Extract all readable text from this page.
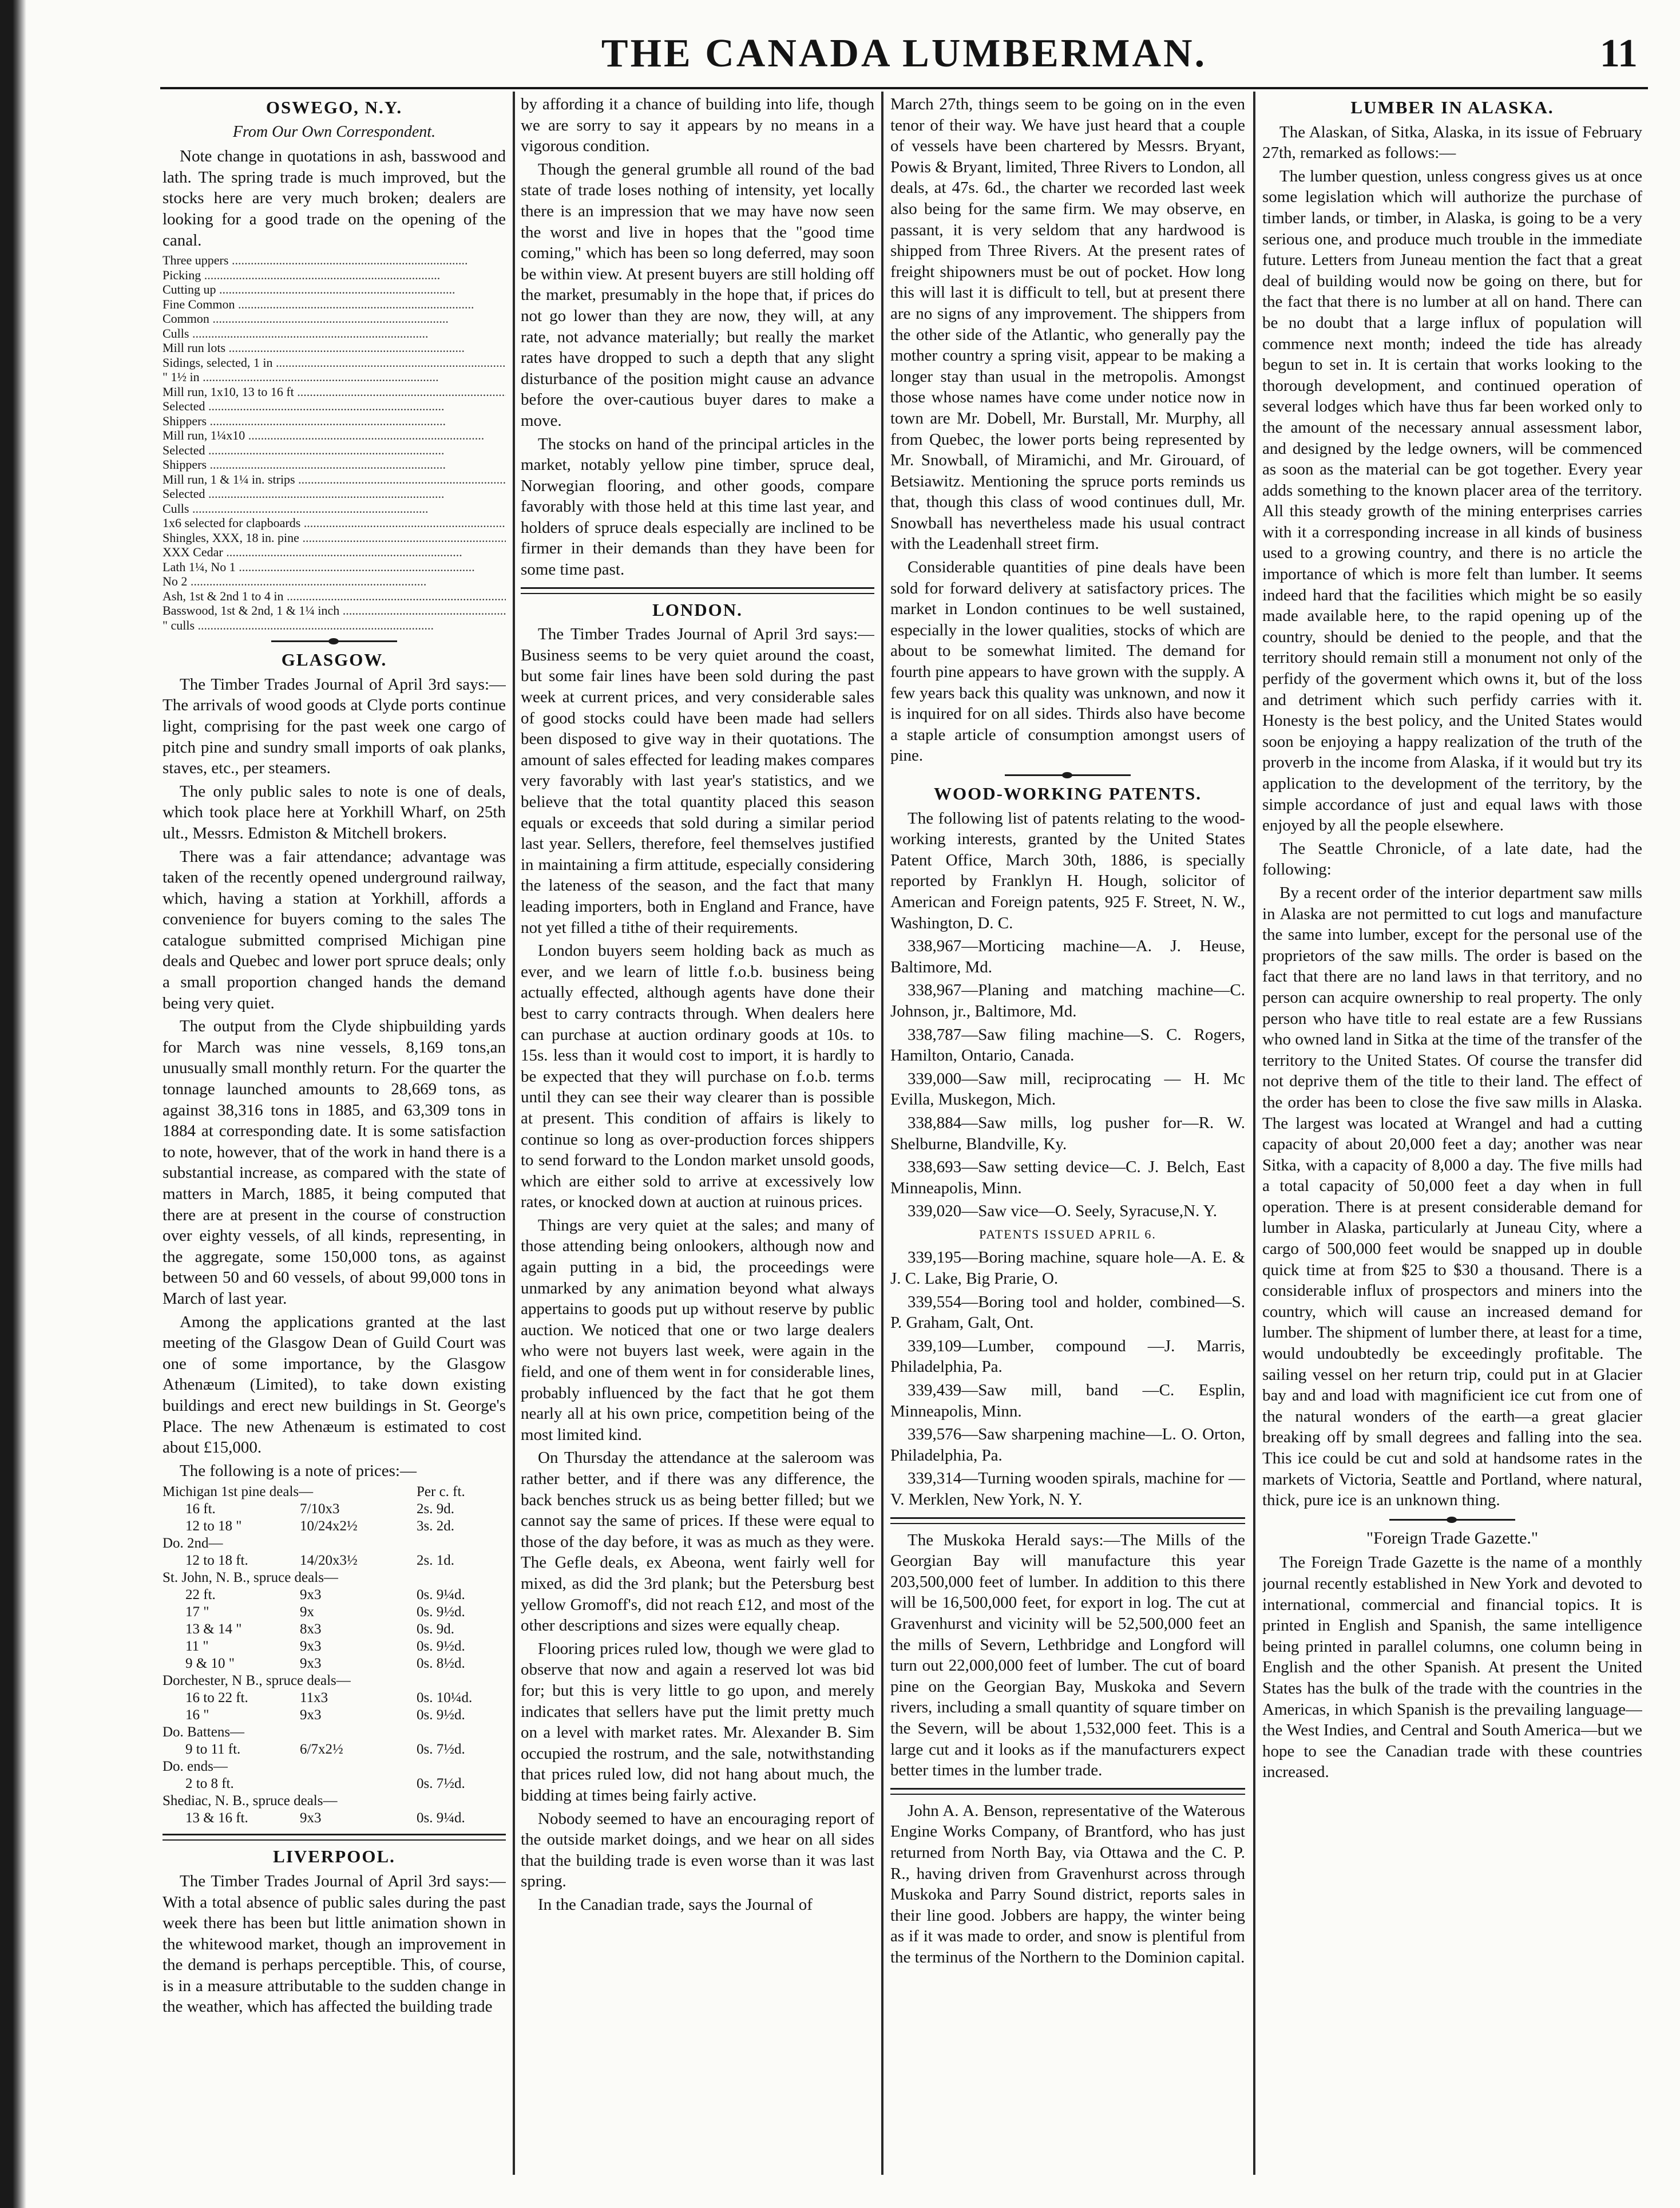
THE CANADA LUMBERMAN.	11
OSWEGO, N.Y.
From Our Own Correspondent.

Note change in quotations in ash, basswood and lath. The spring trade is much improved, but the stocks here are very much broken; dealers are looking for a good trade on the opening of the canal.

Three uppers .....	
Picking .....	
Cutting up .....	
Fine Common .....	
Common .....	
Culls .....	
Mill run lots .....	
Sidings, selected, 1 in .....	
" 1½ in .....	
Mill run, 1x10, 13 to 16 ft .....	
Selected .....	
Shippers .....	
Mill run, 1¼x10 .....	
Selected .....	
Shippers .....	
Mill run, 1 & 1¼ in. strips .....	
Selected .....	
Culls .....	
1x6 selected for clapboards .....	
Shingles, XXX, 18 in. pine .....	
XXX Cedar .....	
Lath 1¼, No 1 .....	
No 2 .....	
Ash, 1st & 2nd 1 to 4 in .....	
Basswood, 1st & 2nd, 1 & 1¼ inch .....	
" culls .....	
GLASGOW.

The Timber Trades Journal of April 3rd says:—The arrivals of wood goods at Clyde ports continue light, comprising for the past week one cargo of pitch pine and sundry small imports of oak planks, staves, etc., per steamers.

The only public sales to note is one of deals, which took place here at Yorkhill Wharf, on 25th ult., Messrs. Edmiston & Mitchell brokers.

There was a fair attendance; advantage was taken of the recently opened underground railway, which, having a station at Yorkhill, affords a convenience for buyers coming to the sales The catalogue submitted comprised Michigan pine deals and Quebec and lower port spruce deals; only a small proportion changed hands the demand being very quiet.

The output from the Clyde shipbuilding yards for March was nine vessels, 8,169 tons,an unusually small monthly return. For the quarter the tonnage launched amounts to 28,669 tons, as against 38,316 tons in 1885, and 63,309 tons in 1884 at corresponding date. It is some satisfaction to note, however, that of the work in hand there is a substantial increase, as compared with the state of matters in March, 1885, it being computed that there are at present in the course of construction over eighty vessels, of all kinds, representing, in the aggregate, some 150,000 tons, as against between 50 and 60 vessels, of about 99,000 tons in March of last year.

Among the applications granted at the last meeting of the Glasgow Dean of Guild Court was one of some importance, by the Glasgow Athenæum (Limited), to take down existing buildings and erect new buildings in St. George's Place. The new Athenæum is estimated to cost about £15,000.

The following is a note of prices:—

Michigan 1st pine deals—		Per c. ft.
16 ft.	7/10x3	2s. 9d.
12 to 18 "	10/24x2½	3s. 2d.
Do. 2nd—		
12 to 18 ft.	14/20x3½	2s. 1d.
St. John, N. B., spruce deals—		
22 ft.	9x3	0s. 9¼d.
17 "	9x	0s. 9½d.
13 & 14 "	8x3	0s. 9d.
11 "	9x3	0s. 9½d.
9 & 10 "	9x3	0s. 8½d.
Dorchester, N B., spruce deals—		
16 to 22 ft.	11x3	0s. 10¼d.
16 "	9x3	0s. 9½d.
Do. Battens—		
9 to 11 ft.	6/7x2½	0s. 7½d.
Do. ends—		
2 to 8 ft.		0s. 7½d.
Shediac, N. B., spruce deals—		
13 & 16 ft.	9x3	0s. 9¼d.
LIVERPOOL.

The Timber Trades Journal of April 3rd says:—With a total absence of public sales during the past week there has been but little animation shown in the whitewood market, though an improvement in the demand is perhaps perceptible. This, of course, is in a measure attributable to the sudden change in the weather, which has affected the building trade

by affording it a chance of building into life, though we are sorry to say it appears by no means in a vigorous condition.

Though the general grumble all round of the bad state of trade loses nothing of intensity, yet locally there is an impression that we may have now seen the worst and live in hopes that the "good time coming," which has been so long deferred, may soon be within view. At present buyers are still holding off the market, presumably in the hope that, if prices do not go lower than they are now, they will, at any rate, not advance materially; but really the market rates have dropped to such a depth that any slight disturbance of the position might cause an advance before the over-cautious buyer dares to make a move.

The stocks on hand of the principal articles in the market, notably yellow pine timber, spruce deal, Norwegian flooring, and other goods, compare favorably with those held at this time last year, and holders of spruce deals especially are inclined to be firmer in their demands than they have been for some time past.

LONDON.

The Timber Trades Journal of April 3rd says:—Business seems to be very quiet around the coast, but some fair lines have been sold during the past week at current prices, and very considerable sales of good stocks could have been made had sellers been disposed to give way in their quotations. The amount of sales effected for leading makes compares very favorably with last year's statistics, and we believe that the total quantity placed this season equals or exceeds that sold during a similar period last year. Sellers, therefore, feel themselves justified in maintaining a firm attitude, especially considering the lateness of the season, and the fact that many leading importers, both in England and France, have not yet filled a tithe of their requirements.

London buyers seem holding back as much as ever, and we learn of little f.o.b. business being actually effected, although agents have done their best to carry contracts through. When dealers here can purchase at auction ordinary goods at 10s. to 15s. less than it would cost to import, it is hardly to be expected that they will purchase on f.o.b. terms until they can see their way clearer than is possible at present. This condition of affairs is likely to continue so long as over-production forces shippers to send forward to the London market unsold goods, which are either sold to arrive at excessively low rates, or knocked down at auction at ruinous prices.

Things are very quiet at the sales; and many of those attending being onlookers, although now and again putting in a bid, the proceedings were unmarked by any animation beyond what always appertains to goods put up without reserve by public auction. We noticed that one or two large dealers who were not buyers last week, were again in the field, and one of them went in for considerable lines, probably influenced by the fact that he got them nearly all at his own price, competition being of the most limited kind.

On Thursday the attendance at the saleroom was rather better, and if there was any difference, the back benches struck us as being better filled; but we cannot say the same of prices. If these were equal to those of the day before, it was as much as they were. The Gefle deals, ex Abeona, went fairly well for mixed, as did the 3rd plank; but the Petersburg best yellow Gromoff's, did not reach £12, and most of the other descriptions and sizes were equally cheap.

Flooring prices ruled low, though we were glad to observe that now and again a reserved lot was bid for; but this is very little to go upon, and merely indicates that sellers have put the limit pretty much on a level with market rates. Mr. Alexander B. Sim occupied the rostrum, and the sale, notwithstanding that prices ruled low, did not hang about much, the bidding at times being fairly active.

Nobody seemed to have an encouraging report of the outside market doings, and we hear on all sides that the building trade is even worse than it was last spring.

In the Canadian trade, says the Journal of

March 27th, things seem to be going on in the even tenor of their way. We have just heard that a couple of vessels have been chartered by Messrs. Bryant, Powis & Bryant, limited, Three Rivers to London, all deals, at 47s. 6d., the charter we recorded last week also being for the same firm. We may observe, en passant, it is very seldom that any hardwood is shipped from Three Rivers. At the present rates of freight shipowners must be out of pocket. How long this will last it is difficult to tell, but at present there are no signs of any improvement. The shippers from the other side of the Atlantic, who generally pay the mother country a spring visit, appear to be making a longer stay than usual in the metropolis. Amongst those whose names have come under notice now in town are Mr. Dobell, Mr. Burstall, Mr. Murphy, all from Quebec, the lower ports being represented by Mr. Snowball, of Miramichi, and Mr. Girouard, of Betsiawitz. Mentioning the spruce ports reminds us that, though this class of wood continues dull, Mr. Snowball has nevertheless made his usual contract with the Leadenhall street firm.

Considerable quantities of pine deals have been sold for forward delivery at satisfactory prices. The market in London continues to be well sustained, especially in the lower qualities, stocks of which are about to be somewhat limited. The demand for fourth pine appears to have grown with the supply. A few years back this quality was unknown, and now it is inquired for on all sides. Thirds also have become a staple article of consumption amongst users of pine.

WOOD-WORKING PATENTS.

The following list of patents relating to the wood-working interests, granted by the United States Patent Office, March 30th, 1886, is specially reported by Franklyn H. Hough, solicitor of American and Foreign patents, 925 F. Street, N. W., Washington, D. C.

338,967—Morticing machine—A. J. Heuse, Baltimore, Md.

338,967—Planing and matching machine—C. Johnson, jr., Baltimore, Md.

338,787—Saw filing machine—S. C. Rogers, Hamilton, Ontario, Canada.

339,000—Saw mill, reciprocating — H. Mc Evilla, Muskegon, Mich.

338,884—Saw mills, log pusher for—R. W. Shelburne, Blandville, Ky.

338,693—Saw setting device—C. J. Belch, East Minneapolis, Minn.

339,020—Saw vice—O. Seely, Syracuse,N. Y.

PATENTS ISSUED APRIL 6.

339,195—Boring machine, square hole—A. E. & J. C. Lake, Big Prarie, O.

339,554—Boring tool and holder, combined—S. P. Graham, Galt, Ont.

339,109—Lumber, compound —J. Marris, Philadelphia, Pa.

339,439—Saw mill, band —C. Esplin, Minneapolis, Minn.

339,576—Saw sharpening machine—L. O. Orton, Philadelphia, Pa.

339,314—Turning wooden spirals, machine for —V. Merklen, New York, N. Y.

The Muskoka Herald says:—The Mills of the Georgian Bay will manufacture this year 203,500,000 feet of lumber. In addition to this there will be 16,500,000 feet, for export in log. The cut at Gravenhurst and vicinity will be 52,500,000 feet an the mills of Severn, Lethbridge and Longford will turn out 22,000,000 feet of lumber. The cut of board pine on the Georgian Bay, Muskoka and Severn rivers, including a small quantity of square timber on the Severn, will be about 1,532,000 feet. This is a large cut and it looks as if the manufacturers expect better times in the lumber trade.

John A. A. Benson, representative of the Waterous Engine Works Company, of Brantford, who has just returned from North Bay, via Ottawa and the C. P. R., having driven from Gravenhurst across through Muskoka and Parry Sound district, reports sales in their line good. Jobbers are happy, the winter being as if it was made to order, and snow is plentiful from the terminus of the Northern to the Dominion capital.

LUMBER IN ALASKA.

The Alaskan, of Sitka, Alaska, in its issue of February 27th, remarked as follows:—

The lumber question, unless congress gives us at once some legislation which will authorize the purchase of timber lands, or timber, in Alaska, is going to be a very serious one, and produce much trouble in the immediate future. Letters from Juneau mention the fact that a great deal of building would now be going on there, but for the fact that there is no lumber at all on hand. There can be no doubt that a large influx of population will commence next month; indeed the tide has already begun to set in. It is certain that works looking to the thorough development, and continued operation of several lodges which have thus far been worked only to the amount of the necessary annual assessment labor, and designed by the ledge owners, will be commenced as soon as the material can be got together. Every year adds something to the known placer area of the territory. All this steady growth of the mining enterprises carries with it a corresponding increase in all kinds of business used to a growing country, and there is no article the importance of which is more felt than lumber. It seems indeed hard that the facilities which might be so easily made available here, to the rapid opening up of the country, should be denied to the people, and that the territory should remain still a monument not only of the perfidy of the goverment which owns it, but of the loss and detriment which such perfidy carries with it. Honesty is the best policy, and the United States would soon be enjoying a happy realization of the truth of the proverb in the income from Alaska, if it would but try its application to the development of the territory, by the simple accordance of just and equal laws with those enjoyed by all the people elsewhere.

The Seattle Chronicle, of a late date, had the following:

By a recent order of the interior department saw mills in Alaska are not permitted to cut logs and manufacture the same into lumber, except for the personal use of the proprietors of the saw mills. The order is based on the fact that there are no land laws in that territory, and no person can acquire ownership to real property. The only person who have title to real estate are a few Russians who owned land in Sitka at the time of the transfer of the territory to the United States. Of course the transfer did not deprive them of the title to their land. The effect of the order has been to close the five saw mills in Alaska. The largest was located at Wrangel and had a cutting capacity of about 20,000 feet a day; another was near Sitka, with a capacity of 8,000 a day. The five mills had a total capacity of 50,000 feet a day when in full operation. There is at present considerable demand for lumber in Alaska, particularly at Juneau City, where a cargo of 500,000 feet would be snapped up in double quick time at from $25 to $30 a thousand. There is a considerable influx of prospectors and miners into the country, which will cause an increased demand for lumber. The shipment of lumber there, at least for a time, would undoubtedly be exceedingly profitable. The sailing vessel on her return trip, could put in at Glacier bay and and load with magnificient ice cut from one of the natural wonders of the earth—a great glacier breaking off by small degrees and falling into the sea. This ice could be cut and sold at handsome rates in the markets of Victoria, Seattle and Portland, where natural, thick, pure ice is an unknown thing.

"Foreign Trade Gazette."

The Foreign Trade Gazette is the name of a monthly journal recently established in New York and devoted to international, commercial and financial topics. It is printed in English and Spanish, the same intelligence being printed in parallel columns, one column being in English and the other Spanish. At present the United States has the bulk of the trade with the countries in the Americas, in which Spanish is the prevailing language—the West Indies, and Central and South America—but we hope to see the Canadian trade with these countries increased.
